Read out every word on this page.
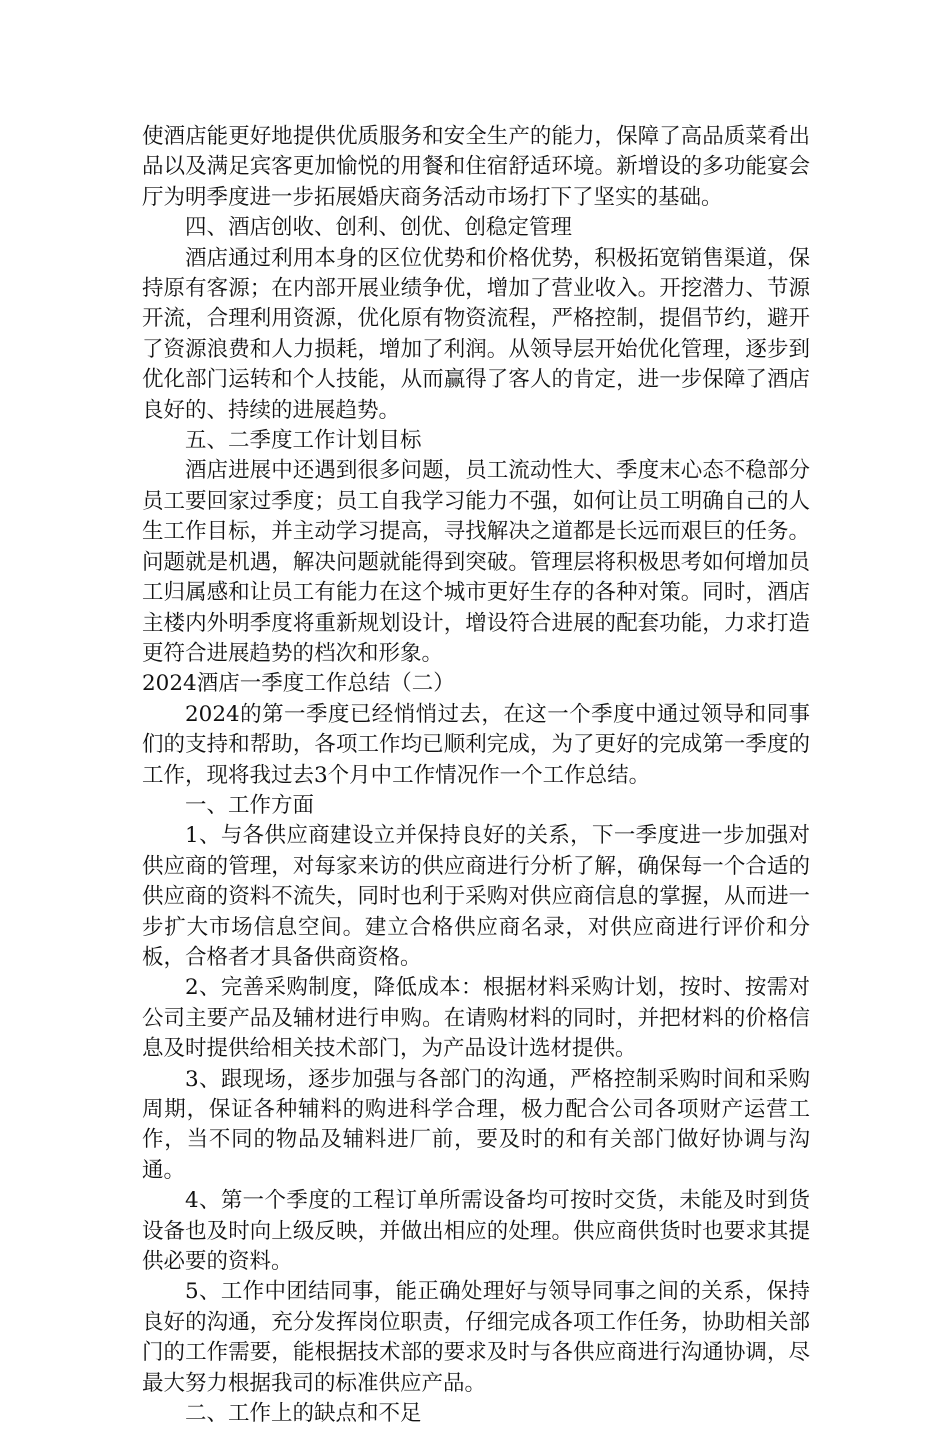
使酒店能更好地提供优质服务和安全生产的能力，保障了高品质菜肴出品以及满足宾客更加愉悦的用餐和住宿舒适环境。新增设的多功能宴会厅为明季度进一步拓展婚庆商务活动市场打下了坚实的基础。

四、酒店创收、创利、创优、创稳定管理

酒店通过利用本身的区位优势和价格优势，积极拓宽销售渠道，保持原有客源；在内部开展业绩争优，增加了营业收入。开挖潜力、节源开流，合理利用资源，优化原有物资流程，严格控制，提倡节约，避开了资源浪费和人力损耗，增加了利润。从领导层开始优化管理，逐步到优化部门运转和个人技能，从而赢得了客人的肯定，进一步保障了酒店良好的、持续的进展趋势。

五、二季度工作计划目标

酒店进展中还遇到很多问题，员工流动性大、季度末心态不稳部分员工要回家过季度；员工自我学习能力不强，如何让员工明确自己的人生工作目标，并主动学习提高，寻找解决之道都是长远而艰巨的任务。问题就是机遇，解决问题就能得到突破。管理层将积极思考如何增加员工归属感和让员工有能力在这个城市更好生存的各种对策。同时，酒店主楼内外明季度将重新规划设计，增设符合进展的配套功能，力求打造更符合进展趋势的档次和形象。

2024酒店一季度工作总结（二）

2024的第一季度已经悄悄过去，在这一个季度中通过领导和同事们的支持和帮助，各项工作均已顺利完成，为了更好的完成第一季度的工作，现将我过去3个月中工作情况作一个工作总结。

一、工作方面

1、与各供应商建设立并保持良好的关系，下一季度进一步加强对供应商的管理，对每家来访的供应商进行分析了解，确保每一个合适的供应商的资料不流失，同时也利于采购对供应商信息的掌握，从而进一步扩大市场信息空间。建立合格供应商名录，对供应商进行评价和分板，合格者才具备供商资格。

2、完善采购制度，降低成本：根据材料采购计划，按时、按需对公司主要产品及辅材进行申购。在请购材料的同时，并把材料的价格信息及时提供给相关技术部门，为产品设计选材提供。

3、跟现场，逐步加强与各部门的沟通，严格控制采购时间和采购周期，保证各种辅料的购进科学合理，极力配合公司各项财产运营工作，当不同的物品及辅料进厂前，要及时的和有关部门做好协调与沟通。

4、第一个季度的工程订单所需设备均可按时交货，未能及时到货设备也及时向上级反映，并做出相应的处理。供应商供货时也要求其提供必要的资料。

5、工作中团结同事，能正确处理好与领导同事之间的关系，保持良好的沟通，充分发挥岗位职责，仔细完成各项工作任务，协助相关部门的工作需要，能根据技术部的要求及时与各供应商进行沟通协调，尽最大努力根据我司的标准供应产品。

二、工作上的缺点和不足
